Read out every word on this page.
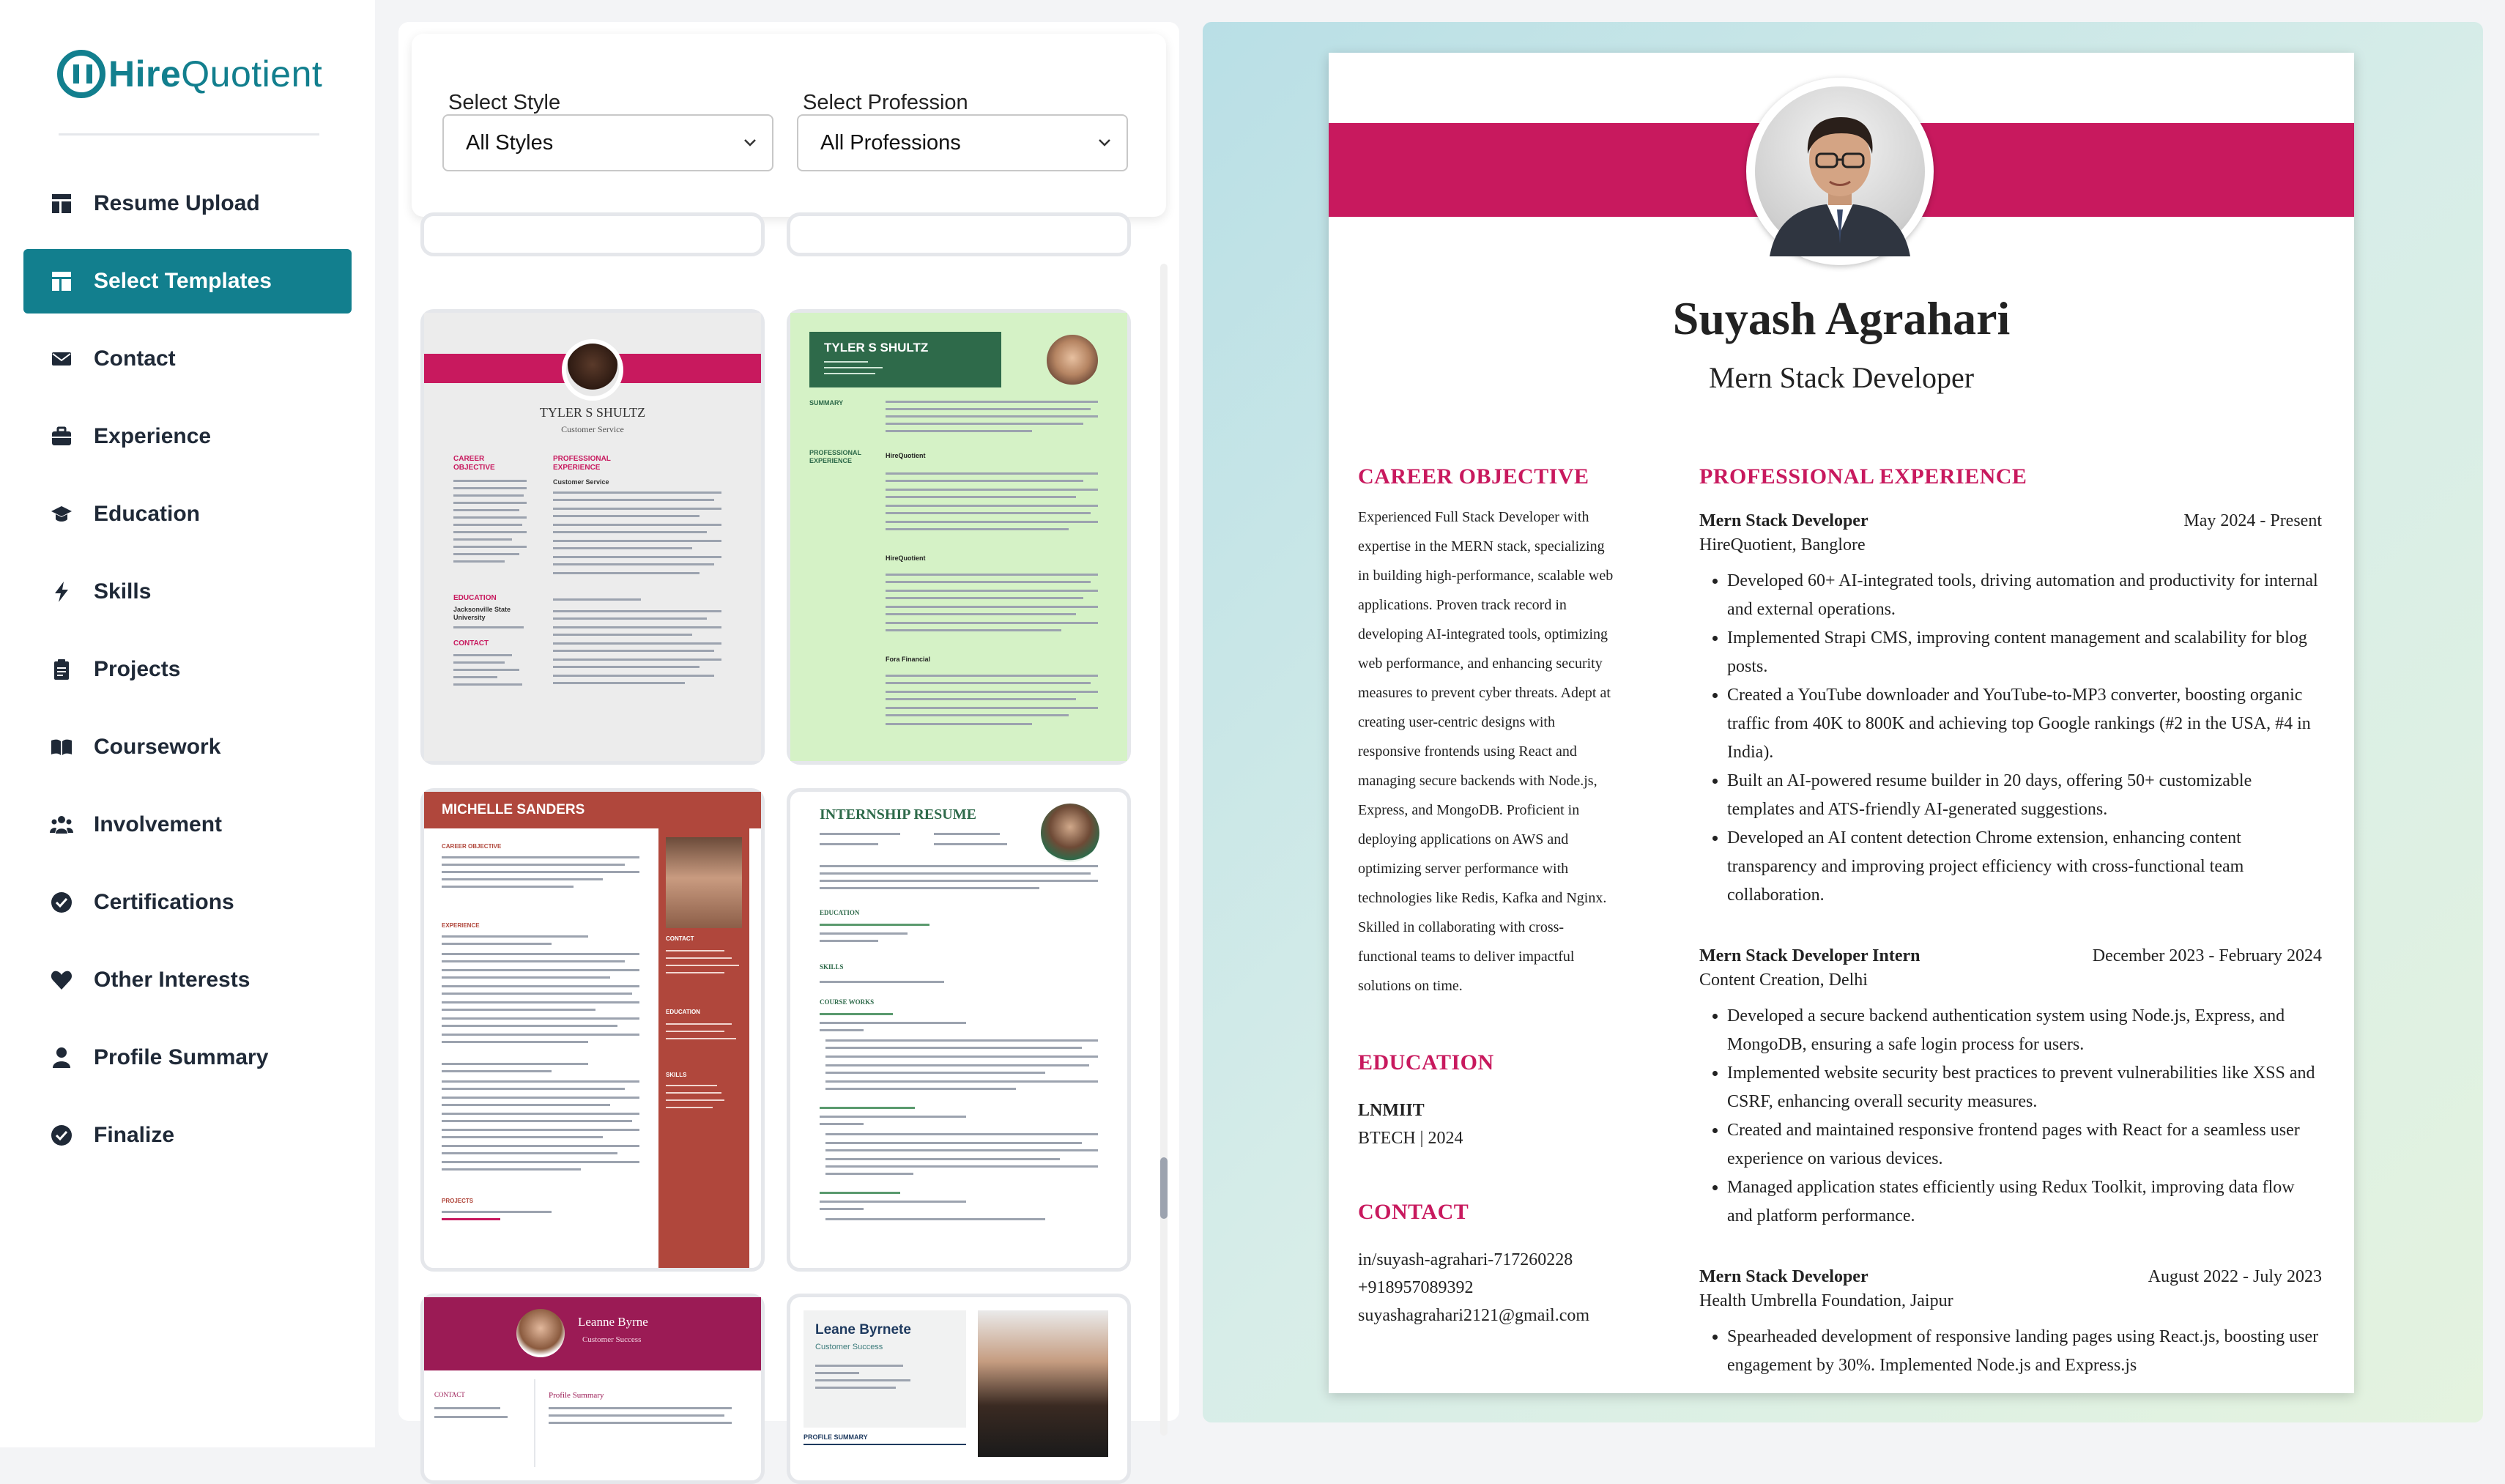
HireQuotient
Resume Upload
Select Templates
Contact
Experience
Education
Skills
Projects
Coursework
Involvement
Certifications
Other Interests
Profile Summary
Finalize
Select Style	Select Profession
All Styles	All Professions
TYLER S SHULTZ
Customer Service
CAREER OBJECTIVE
PROFESSIONAL EXPERIENCE
Customer Service
EDUCATION
Jacksonville State University
CONTACT
TYLER S SHULTZ
SUMMARY
PROFESSIONAL EXPERIENCE
HireQuotient
HireQuotient
Fora Financial
MICHELLE SANDERS
CONTACT
EDUCATION
SKILLS
CAREER OBJECTIVE
EXPERIENCE
PROJECTS
INTERNSHIP RESUME
EDUCATION
SKILLS
COURSE WORKS
Leanne Byrne
Customer Success
CONTACT	Profile Summary
Leane Byrnete
Customer Success
PROFILE SUMMARY
Suyash Agrahari
Mern Stack Developer
CAREER OBJECTIVE
Experienced Full Stack Developer with
expertise in the MERN stack, specializing
in building high-performance, scalable web
applications. Proven track record in
developing AI-integrated tools, optimizing
web performance, and enhancing security
measures to prevent cyber threats. Adept at
creating user-centric designs with
responsive frontends using React and
managing secure backends with Node.js,
Express, and MongoDB. Proficient in
deploying applications on AWS and
optimizing server performance with
technologies like Redis, Kafka and Nginx.
Skilled in collaborating with cross-
functional teams to deliver impactful
solutions on time.
EDUCATION
LNMIIT
BTECH | 2024
CONTACT
in/suyash-agrahari-717260228
+918957089392
suyashagrahari2121@gmail.com
PROFESSIONAL EXPERIENCE
Mern Stack Developer	May 2024 - Present
HireQuotient, Banglore
• Developed 60+ AI-integrated tools, driving automation and productivity for internal and external operations.
• Implemented Strapi CMS, improving content management and scalability for blog posts.
• Created a YouTube downloader and YouTube-to-MP3 converter, boosting organic traffic from 40K to 800K and achieving top Google rankings (#2 in the USA, #4 in India).
• Built an AI-powered resume builder in 20 days, offering 50+ customizable templates and ATS-friendly AI-generated suggestions.
• Developed an AI content detection Chrome extension, enhancing content transparency and improving project efficiency with cross-functional team collaboration.
Mern Stack Developer Intern	December 2023 - February 2024
Content Creation, Delhi
• Developed a secure backend authentication system using Node.js, Express, and MongoDB, ensuring a safe login process for users.
• Implemented website security best practices to prevent vulnerabilities like XSS and CSRF, enhancing overall security measures.
• Created and maintained responsive frontend pages with React for a seamless user experience on various devices.
• Managed application states efficiently using Redux Toolkit, improving data flow and platform performance.
Mern Stack Developer	August 2022 - July 2023
Health Umbrella Foundation, Jaipur
• Spearheaded development of responsive landing pages using React.js, boosting user engagement by 30%. Implemented Node.js and Express.js
